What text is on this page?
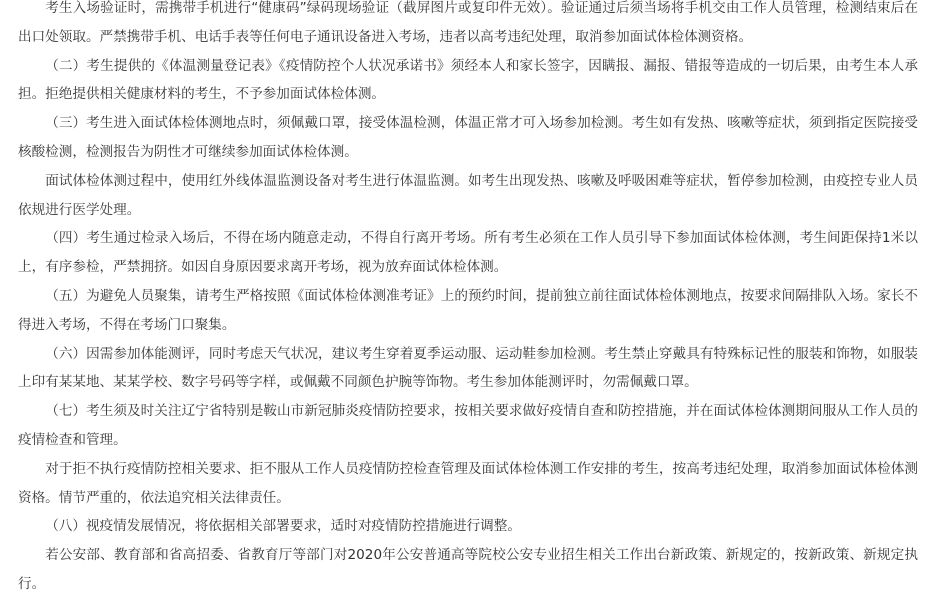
考生入场验证时，需携带手机进行“健康码”绿码现场验证（截屏图片或复印件无效）。验证通过后须当场将手机交由工作人员管理，检测结束后在出口处领取。严禁携带手机、电话手表等任何电子通讯设备进入考场，违者以高考违纪处理，取消参加面试体检体测资格。

（二）考生提供的《体温测量登记表》《疫情防控个人状况承诺书》须经本人和家长签字，因瞒报、漏报、错报等造成的一切后果，由考生本人承担。拒绝提供相关健康材料的考生，不予参加面试体检体测。

（三）考生进入面试体检体测地点时，须佩戴口罩，接受体温检测，体温正常才可入场参加检测。考生如有发热、咳嗽等症状，须到指定医院接受核酸检测，检测报告为阴性才可继续参加面试体检体测。

面试体检体测过程中，使用红外线体温监测设备对考生进行体温监测。如考生出现发热、咳嗽及呼吸困难等症状，暂停参加检测，由疫控专业人员依规进行医学处理。

（四）考生通过检录入场后，不得在场内随意走动，不得自行离开考场。所有考生必须在工作人员引导下参加面试体检体测，考生间距保持1米以上，有序参检，严禁拥挤。如因自身原因要求离开考场，视为放弃面试体检体测。

（五）为避免人员聚集，请考生严格按照《面试体检体测准考证》上的预约时间，提前独立前往面试体检体测地点，按要求间隔排队入场。家长不得进入考场，不得在考场门口聚集。

（六）因需参加体能测评，同时考虑天气状况，建议考生穿着夏季运动服、运动鞋参加检测。考生禁止穿戴具有特殊标记性的服装和饰物，如服装上印有某某地、某某学校、数字号码等字样，或佩戴不同颜色护腕等饰物。考生参加体能测评时，勿需佩戴口罩。

（七）考生须及时关注辽宁省特别是鞍山市新冠肺炎疫情防控要求，按相关要求做好疫情自查和防控措施，并在面试体检体测期间服从工作人员的疫情检查和管理。

对于拒不执行疫情防控相关要求、拒不服从工作人员疫情防控检查管理及面试体检体测工作安排的考生，按高考违纪处理，取消参加面试体检体测资格。情节严重的，依法追究相关法律责任。

（八）视疫情发展情况，将依据相关部署要求，适时对疫情防控措施进行调整。

若公安部、教育部和省高招委、省教育厅等部门对2020年公安普通高等院校公安专业招生相关工作出台新政策、新规定的，按新政策、新规定执行。
